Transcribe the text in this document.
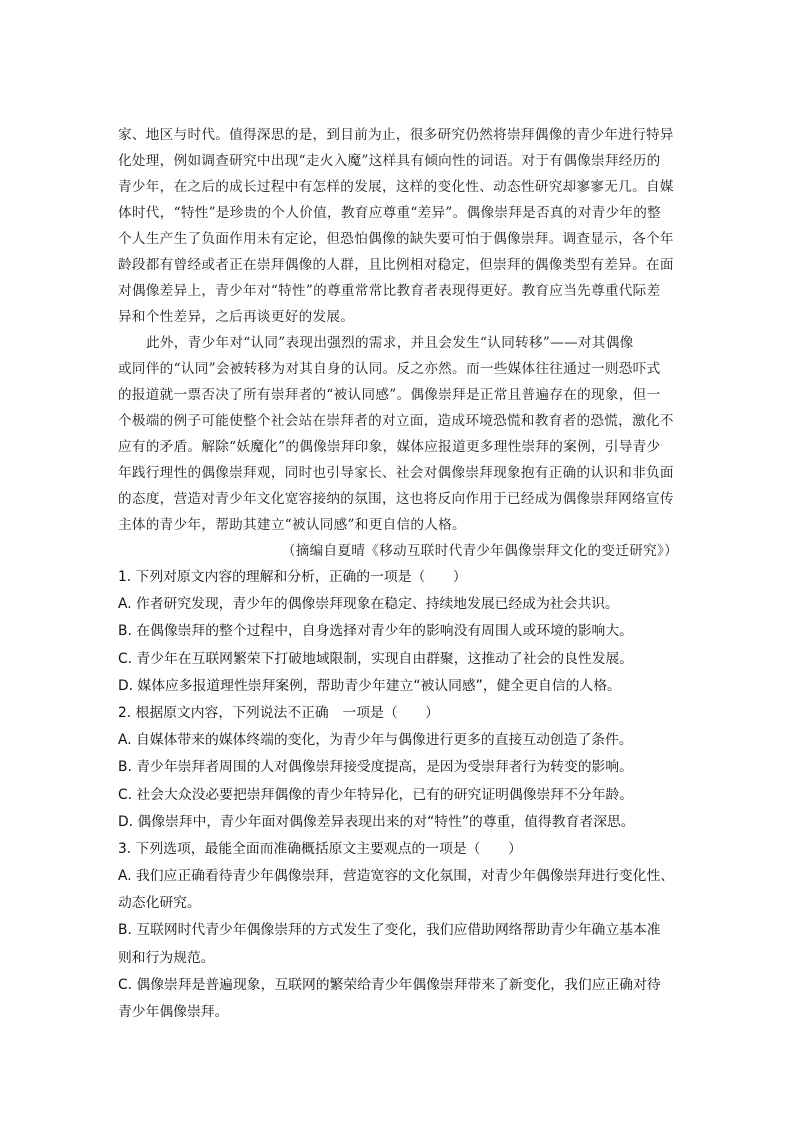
家、地区与时代。值得深思的是，到目前为止，很多研究仍然将崇拜偶像的青少年进行特异
化处理，例如调查研究中出现“走火入魔”这样具有倾向性的词语。对于有偶像崇拜经历的
青少年，在之后的成长过程中有怎样的发展，这样的变化性、动态性研究却寥寥无几。自媒
体时代，“特性”是珍贵的个人价值，教育应尊重“差异”。偶像崇拜是否真的对青少年的整
个人生产生了负面作用未有定论，但恐怕偶像的缺失要可怕于偶像崇拜。调查显示，各个年
龄段都有曾经或者正在崇拜偶像的人群，且比例相对稳定，但崇拜的偶像类型有差异。在面
对偶像差异上，青少年对“特性”的尊重常常比教育者表现得更好。教育应当先尊重代际差
异和个性差异，之后再谈更好的发展。
此外，青少年对“认同”表现出强烈的需求，并且会发生“认同转移”——对其偶像
或同伴的“认同”会被转移为对其自身的认同。反之亦然。而一些媒体往往通过一则恐吓式
的报道就一票否决了所有崇拜者的“被认同感”。偶像崇拜是正常且普遍存在的现象，但一
个极端的例子可能使整个社会站在崇拜者的对立面，造成环境恐慌和教育者的恐慌，激化不
应有的矛盾。解除“妖魔化”的偶像崇拜印象，媒体应报道更多理性崇拜的案例，引导青少
年践行理性的偶像崇拜观，同时也引导家长、社会对偶像崇拜现象抱有正确的认识和非负面
的态度，营造对青少年文化宽容接纳的氛围，这也将反向作用于已经成为偶像崇拜网络宣传
主体的青少年，帮助其建立“被认同感”和更自信的人格。
（摘编自夏晴《移动互联时代青少年偶像崇拜文化的变迁研究》）
1. 下列对原文内容的理解和分析，正确的一项是（　　）
A. 作者研究发现，青少年的偶像崇拜现象在稳定、持续地发展已经成为社会共识。
B. 在偶像崇拜的整个过程中，自身选择对青少年的影响没有周围人或环境的影响大。
C. 青少年在互联网繁荣下打破地域限制，实现自由群聚，这推动了社会的良性发展。
D. 媒体应多报道理性崇拜案例，帮助青少年建立“被认同感”，健全更自信的人格。
2. 根据原文内容，下列说法不正确　一项是（　　）
A. 自媒体带来的媒体终端的变化，为青少年与偶像进行更多的直接互动创造了条件。
B. 青少年崇拜者周围的人对偶像崇拜接受度提高，是因为受崇拜者行为转变的影响。
C. 社会大众没必要把崇拜偶像的青少年特异化，已有的研究证明偶像崇拜不分年龄。
D. 偶像崇拜中，青少年面对偶像差异表现出来的对“特性”的尊重，值得教育者深思。
3. 下列选项，最能全面而准确概括原文主要观点的一项是（　　）
A. 我们应正确看待青少年偶像崇拜，营造宽容的文化氛围，对青少年偶像崇拜进行变化性、
动态化研究。
B. 互联网时代青少年偶像崇拜的方式发生了变化，我们应借助网络帮助青少年确立基本准
则和行为规范。
C. 偶像崇拜是普遍现象，互联网的繁荣给青少年偶像崇拜带来了新变化，我们应正确对待
青少年偶像崇拜。
